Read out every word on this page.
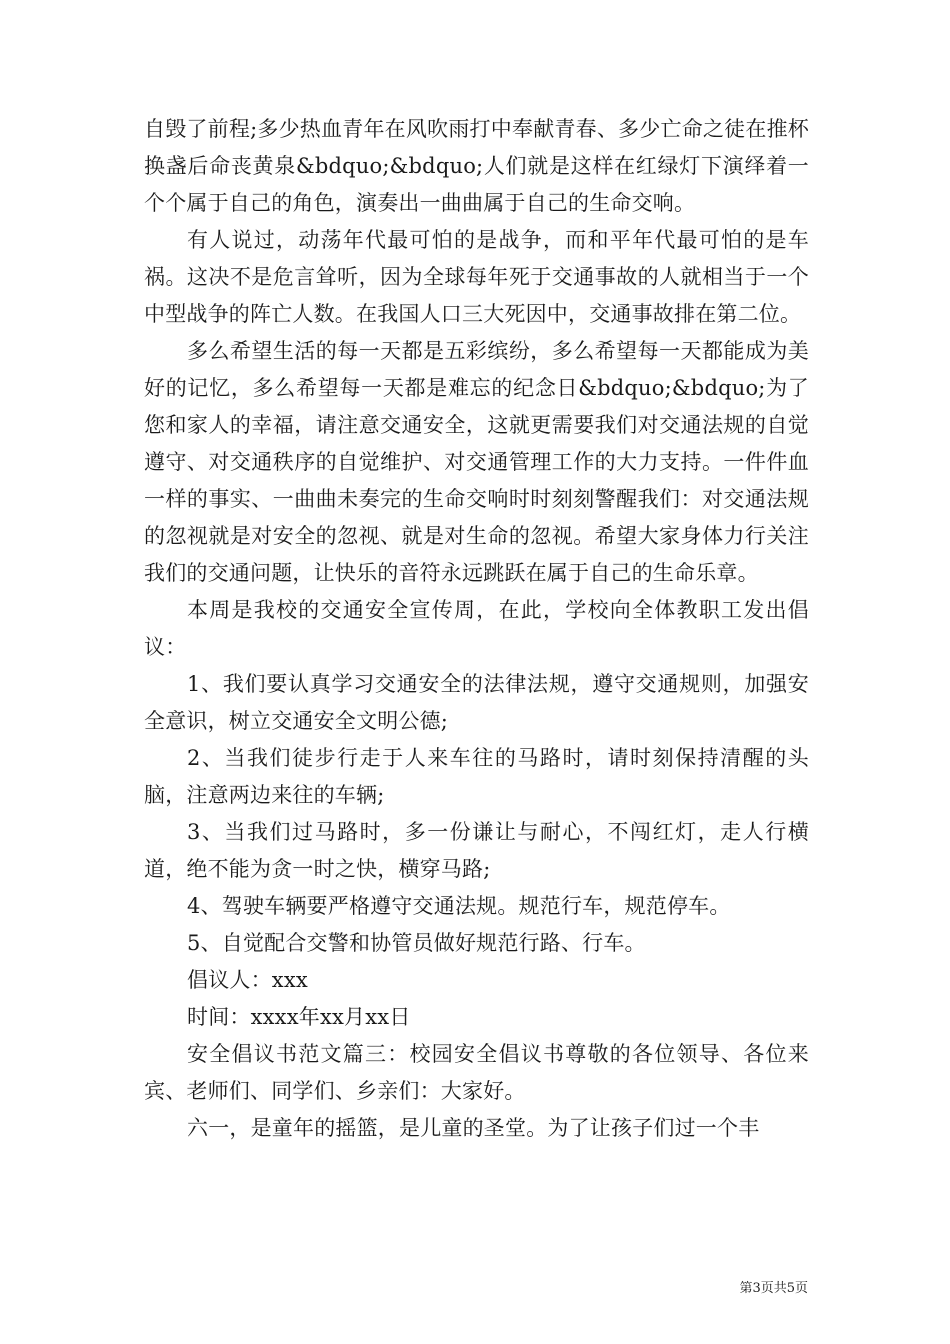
自毁了前程;多少热血青年在风吹雨打中奉献青春、多少亡命之徒在推杯换盏后命丧黄泉&bdquo;&bdquo;人们就是这样在红绿灯下演绎着一个个属于自己的角色，演奏出一曲曲属于自己的生命交响。

有人说过，动荡年代最可怕的是战争，而和平年代最可怕的是车祸。这决不是危言耸听，因为全球每年死于交通事故的人就相当于一个中型战争的阵亡人数。在我国人口三大死因中，交通事故排在第二位。

多么希望生活的每一天都是五彩缤纷，多么希望每一天都能成为美好的记忆，多么希望每一天都是难忘的纪念日&bdquo;&bdquo;为了您和家人的幸福，请注意交通安全，这就更需要我们对交通法规的自觉遵守、对交通秩序的自觉维护、对交通管理工作的大力支持。一件件血一样的事实、一曲曲未奏完的生命交响时时刻刻警醒我们：对交通法规的忽视就是对安全的忽视、就是对生命的忽视。希望大家身体力行关注我们的交通问题，让快乐的音符永远跳跃在属于自己的生命乐章。

本周是我校的交通安全宣传周，在此，学校向全体教职工发出倡议：

1、我们要认真学习交通安全的法律法规，遵守交通规则，加强安全意识，树立交通安全文明公德;

2、当我们徒步行走于人来车往的马路时，请时刻保持清醒的头脑，注意两边来往的车辆;

3、当我们过马路时，多一份谦让与耐心，不闯红灯，走人行横道，绝不能为贪一时之快，横穿马路;

4、驾驶车辆要严格遵守交通法规。规范行车，规范停车。

5、自觉配合交警和协管员做好规范行路、行车。

倡议人：xxx

时间：xxxx年xx月xx日

安全倡议书范文篇三：校园安全倡议书尊敬的各位领导、各位来宾、老师们、同学们、乡亲们：大家好。

六一，是童年的摇篮，是儿童的圣堂。为了让孩子们过一个丰

第3页共5页
